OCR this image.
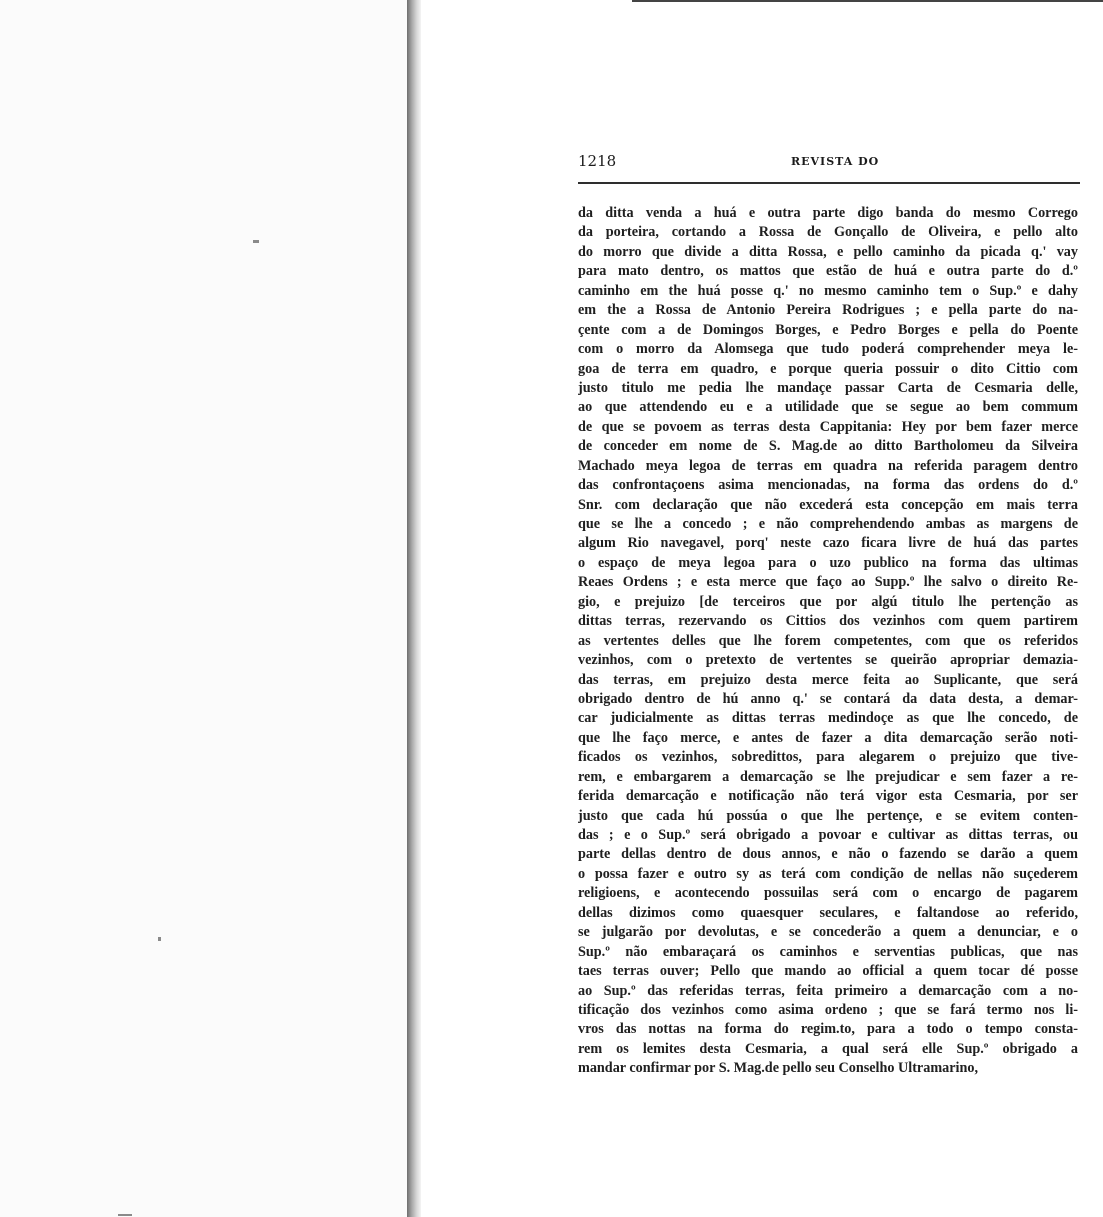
1218	REVISTA DO
da ditta venda a huá e outra parte digo banda do mesmo Corrego
da porteira, cortando a Rossa de Gonçallo de Oliveira, e pello alto
do morro que divide a ditta Rossa, e pello caminho da picada q.' vay
para mato dentro, os mattos que estão de huá e outra parte do d.º
caminho em the huá posse q.' no mesmo caminho tem o Sup.º e dahy
em the a Rossa de Antonio Pereira Rodrigues ; e pella parte do na-
çente com a de Domingos Borges, e Pedro Borges e pella do Poente
com o morro da Alomsega que tudo poderá comprehender meya le-
goa de terra em quadro, e porque queria possuir o dito Cittio com
justo titulo me pedia lhe mandaçe passar Carta de Cesmaria delle,
ao que attendendo eu e a utilidade que se segue ao bem commum
de que se povoem as terras desta Cappitania: Hey por bem fazer merce
de conceder em nome de S. Mag.de ao ditto Bartholomeu da Silveira
Machado meya legoa de terras em quadra na referida paragem dentro
das confrontaçoens asima mencionadas, na forma das ordens do d.º
Snr. com declaração que não excederá esta concepção em mais terra
que se lhe a concedo ; e não comprehendendo ambas as margens de
algum Rio navegavel, porq' neste cazo ficara livre de huá das partes
o espaço de meya legoa para o uzo publico na forma das ultimas
Reaes Ordens ; e esta merce que faço ao Supp.º lhe salvo o direito Re-
gio, e prejuizo [de terceiros que por algú titulo lhe pertenção as
dittas terras, rezervando os Cittios dos vezinhos com quem partirem
as vertentes delles que lhe forem competentes, com que os referidos
vezinhos, com o pretexto de vertentes se queirão apropriar demazia-
das terras, em prejuizo desta merce feita ao Suplicante, que será
obrigado dentro de hú anno q.' se contará da data desta, a demar-
car judicialmente as dittas terras medindoçe as que lhe concedo, de
que lhe faço merce, e antes de fazer a dita demarcação serão noti-
ficados os vezinhos, sobredittos, para alegarem o prejuizo que tive-
rem, e embargarem a demarcação se lhe prejudicar e sem fazer a re-
ferida demarcação e notificação não terá vigor esta Cesmaria, por ser
justo que cada hú possúa o que lhe pertençe, e se evitem conten-
das ; e o Sup.º será obrigado a povoar e cultivar as dittas terras, ou
parte dellas dentro de dous annos, e não o fazendo se darão a quem
o possa fazer e outro sy as terá com condição de nellas não suçederem
religioens, e acontecendo possuilas será com o encargo de pagarem
dellas dizimos como quaesquer seculares, e faltandose ao referido,
se julgarão por devolutas, e se concederão a quem a denunciar, e o
Sup.º não embaraçará os caminhos e serventias publicas, que nas
taes terras ouver; Pello que mando ao official a quem tocar dé posse
ao Sup.º das referidas terras, feita primeiro a demarcação com a no-
tificação dos vezinhos como asima ordeno ; que se fará termo nos li-
vros das nottas na forma do regim.to, para a todo o tempo consta-
rem os lemites desta Cesmaria, a qual será elle Sup.º obrigado a
mandar confirmar por S. Mag.de pello seu Conselho Ultramarino,
